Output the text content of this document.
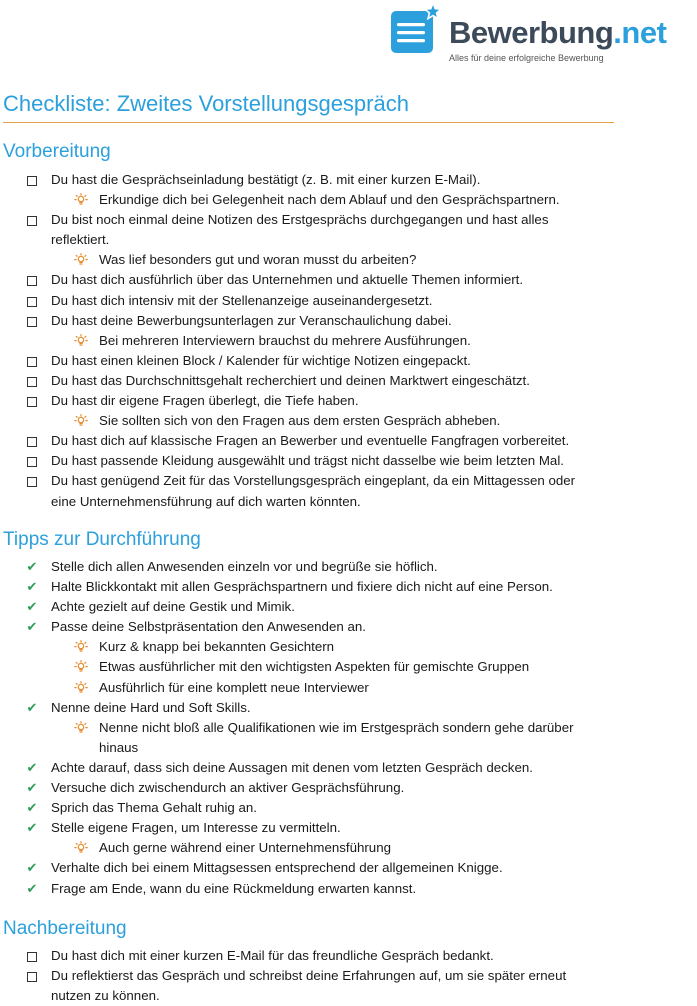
Bewerbung.net
Alles für deine erfolgreiche Bewerbung
Checkliste: Zweites Vorstellungsgespräch
Vorbereitung
Du hast die Gesprächseinladung bestätigt (z. B. mit einer kurzen E-Mail).
Erkundige dich bei Gelegenheit nach dem Ablauf und den Gesprächspartnern.
Du bist noch einmal deine Notizen des Erstgesprächs durchgegangen und hast alles reflektiert.
Was lief besonders gut und woran musst du arbeiten?
Du hast dich ausführlich über das Unternehmen und aktuelle Themen informiert.
Du hast dich intensiv mit der Stellenanzeige auseinandergesetzt.
Du hast deine Bewerbungsunterlagen zur Veranschaulichung dabei.
Bei mehreren Interviewern brauchst du mehrere Ausführungen.
Du hast einen kleinen Block / Kalender für wichtige Notizen eingepackt.
Du hast das Durchschnittsgehalt recherchiert und deinen Marktwert eingeschätzt.
Du hast dir eigene Fragen überlegt, die Tiefe haben.
Sie sollten sich von den Fragen aus dem ersten Gespräch abheben.
Du hast dich auf klassische Fragen an Bewerber und eventuelle Fangfragen vorbereitet.
Du hast passende Kleidung ausgewählt und trägst nicht dasselbe wie beim letzten Mal.
Du hast genügend Zeit für das Vorstellungsgespräch eingeplant, da ein Mittagessen oder eine Unternehmensführung auf dich warten könnten.
Tipps zur Durchführung
✔ Stelle dich allen Anwesenden einzeln vor und begrüße sie höflich.
✔ Halte Blickkontakt mit allen Gesprächspartnern und fixiere dich nicht auf eine Person.
✔ Achte gezielt auf deine Gestik und Mimik.
✔ Passe deine Selbstpräsentation den Anwesenden an.
Kurz & knapp bei bekannten Gesichtern
Etwas ausführlicher mit den wichtigsten Aspekten für gemischte Gruppen
Ausführlich für eine komplett neue Interviewer
✔ Nenne deine Hard und Soft Skills.
Nenne nicht bloß alle Qualifikationen wie im Erstgespräch sondern gehe darüber hinaus
✔ Achte darauf, dass sich deine Aussagen mit denen vom letzten Gespräch decken.
✔ Versuche dich zwischendurch an aktiver Gesprächsführung.
✔ Sprich das Thema Gehalt ruhig an.
✔ Stelle eigene Fragen, um Interesse zu vermitteln.
Auch gerne während einer Unternehmensführung
✔ Verhalte dich bei einem Mittagsessen entsprechend der allgemeinen Knigge.
✔ Frage am Ende, wann du eine Rückmeldung erwarten kannst.
Nachbereitung
Du hast dich mit einer kurzen E-Mail für das freundliche Gespräch bedankt.
Du reflektierst das Gespräch und schreibst deine Erfahrungen auf, um sie später erneut nutzen zu können.
